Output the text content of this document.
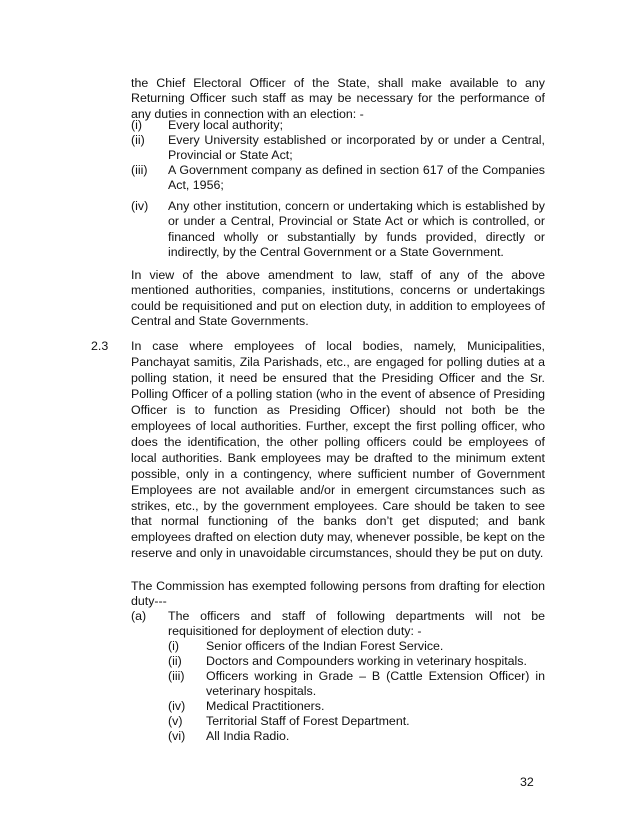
the Chief Electoral Officer of the State, shall make available to any Returning Officer such staff as may be necessary for the performance of any duties in connection with an election: -

(i) Every local authority;

(ii) Every University established or incorporated by or under a Central, Provincial or State Act;

(iii) A Government company as defined in section 617 of the Companies Act, 1956;

(iv) Any other institution, concern or undertaking which is established by or under a Central, Provincial or State Act or which is controlled, or financed wholly or substantially by funds provided, directly or indirectly, by the Central Government or a State Government.

In view of the above amendment to law, staff of any of the above mentioned authorities, companies, institutions, concerns or undertakings could be requisitioned and put on election duty, in addition to employees of Central and State Governments.

2.3 In case where employees of local bodies, namely, Municipalities, Panchayat samitis, Zila Parishads, etc., are engaged for polling duties at a polling station, it need be ensured that the Presiding Officer and the Sr. Polling Officer of a polling station (who in the event of absence of Presiding Officer is to function as Presiding Officer) should not both be the employees of local authorities. Further, except the first polling officer, who does the identification, the other polling officers could be employees of local authorities. Bank employees may be drafted to the minimum extent possible, only in a contingency, where sufficient number of Government Employees are not available and/or in emergent circumstances such as strikes, etc., by the government employees. Care should be taken to see that normal functioning of the banks don’t get disputed; and bank employees drafted on election duty may, whenever possible, be kept on the reserve and only in unavoidable circumstances, should they be put on duty.

The Commission has exempted following persons from drafting for election duty---

(a) The officers and staff of following departments will not be requisitioned for deployment of election duty: -

(i) Senior officers of the Indian Forest Service.

(ii) Doctors and Compounders working in veterinary hospitals.

(iii) Officers working in Grade – B (Cattle Extension Officer) in veterinary hospitals.

(iv) Medical Practitioners.

(v) Territorial Staff of Forest Department.

(vi) All India Radio.

32
